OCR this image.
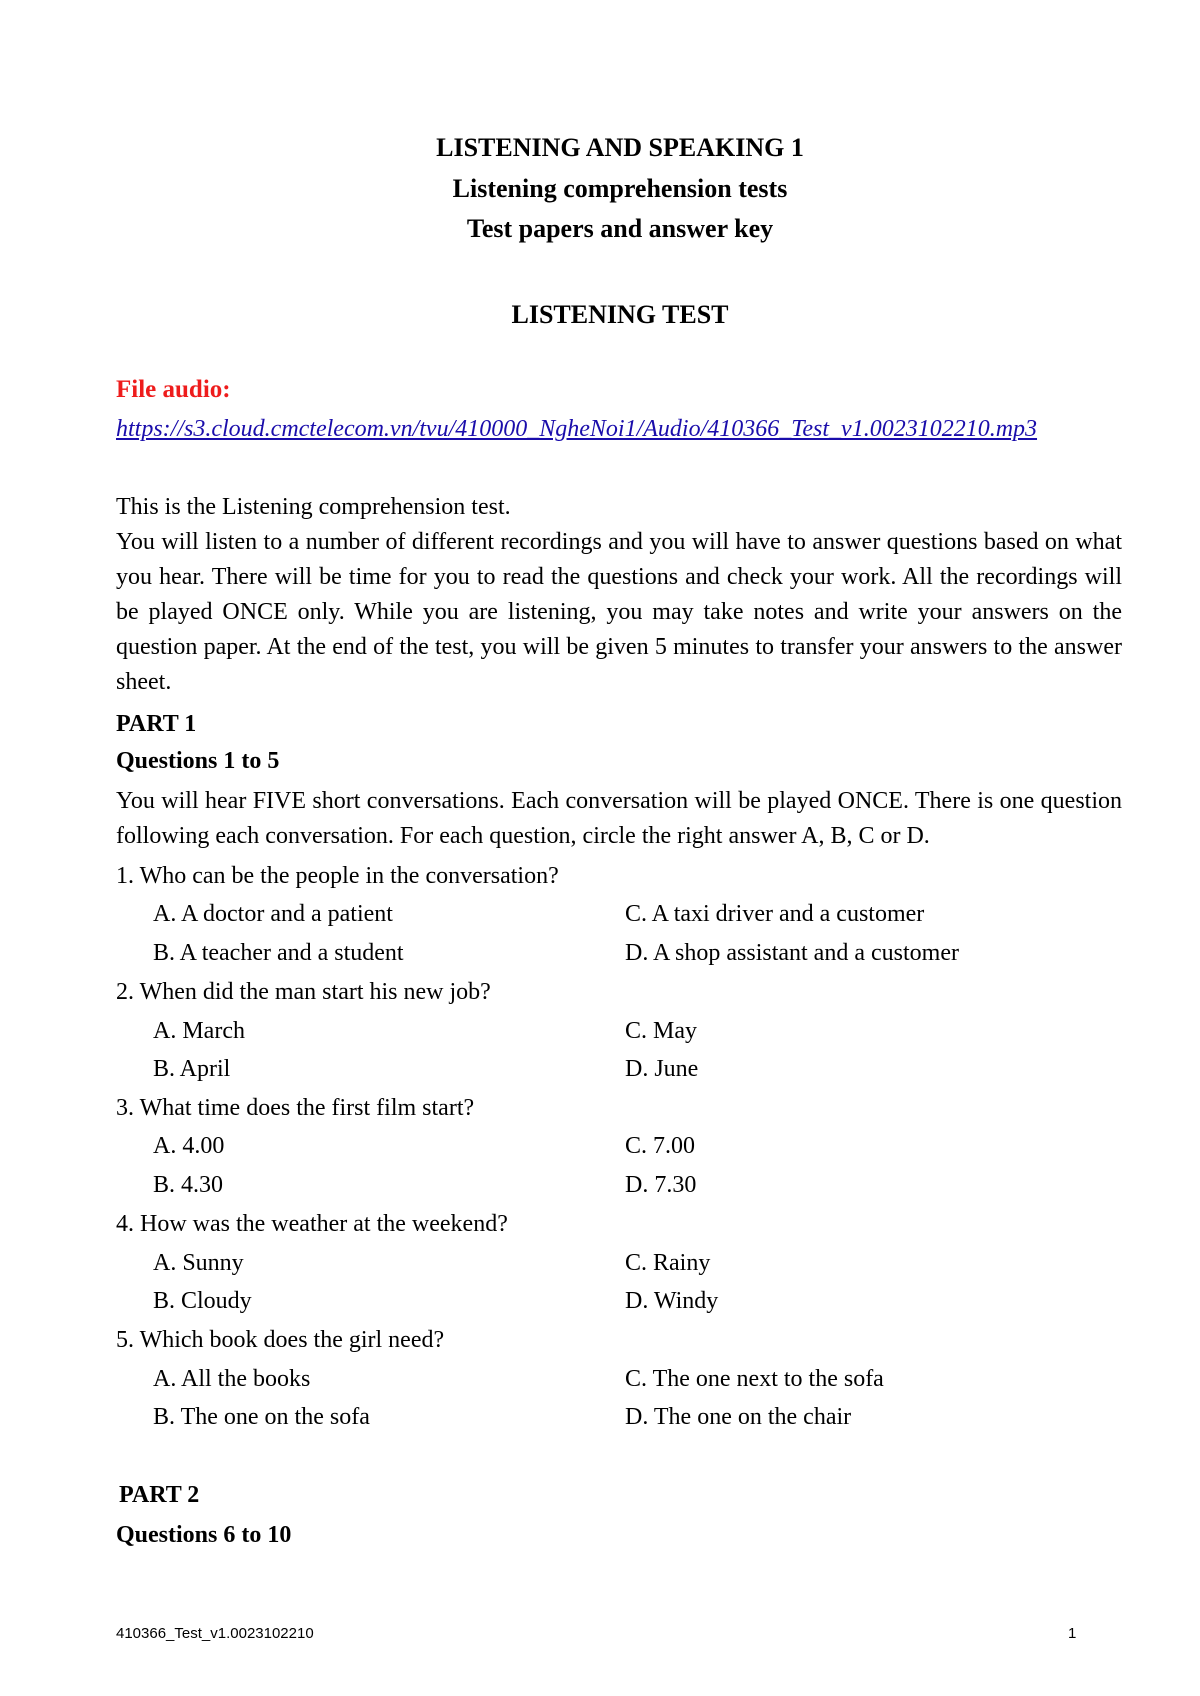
LISTENING AND SPEAKING 1
Listening comprehension tests
Test papers and answer key
LISTENING TEST
File audio:
https://s3.cloud.cmctelecom.vn/tvu/410000_NgheNoi1/Audio/410366_Test_v1.0023102210.mp3
This is the Listening comprehension test.
You will listen to a number of different recordings and you will have to answer questions based on what you hear. There will be time for you to read the questions and check your work. All the recordings will be played ONCE only. While you are listening, you may take notes and write your answers on the question paper. At the end of the test, you will be given 5 minutes to transfer your answers to the answer sheet.
PART 1
Questions 1 to 5
You will hear FIVE short conversations. Each conversation will be played ONCE. There is one question following each conversation. For each question, circle the right answer A, B, C or D.
1. Who can be the people in the conversation?
A. A doctor and a patient	C. A taxi driver and a customer
B. A teacher and a student	D. A shop assistant and a customer
2. When did the man start his new job?
A. March	C. May
B. April	D. June
3. What time does the first film start?
A. 4.00	C. 7.00
B. 4.30	D. 7.30
4. How was the weather at the weekend?
A. Sunny	C. Rainy
B. Cloudy	D. Windy
5. Which book does the girl need?
A. All the books	C. The one next to the sofa
B. The one on the sofa	D. The one on the chair
PART 2
Questions 6 to 10
410366_Test_v1.0023102210	1
